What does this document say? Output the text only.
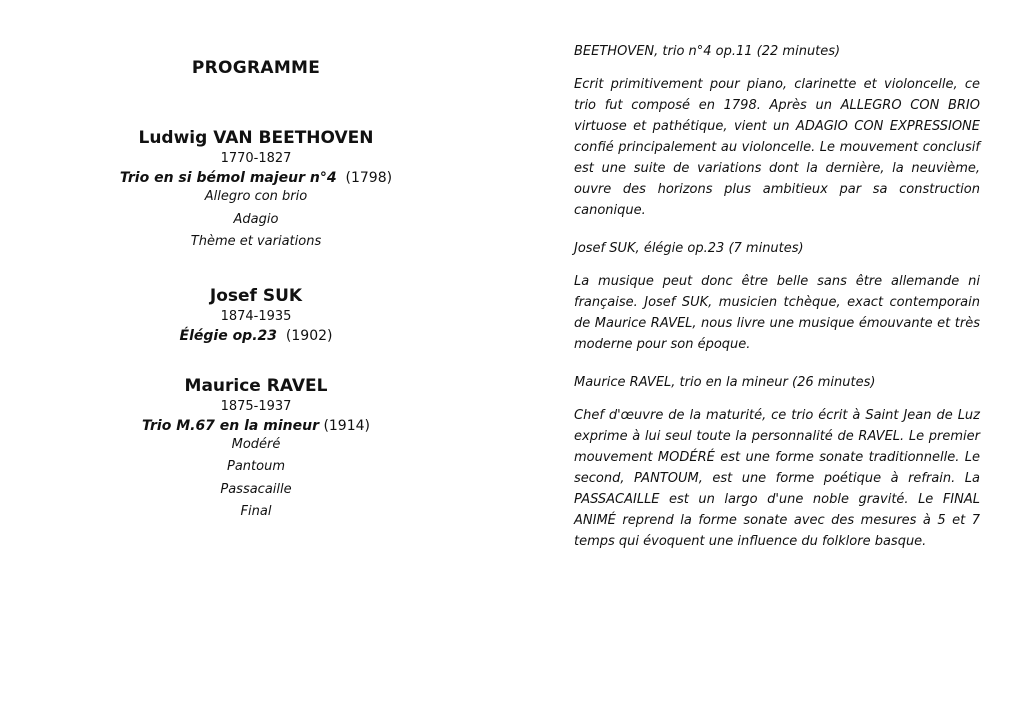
PROGRAMME
Ludwig VAN BEETHOVEN
1770-1827
Trio en si bémol majeur n°4 (1798)
Allegro con brio
Adagio
Thème et variations
Josef SUK
1874-1935
Élégie op.23 (1902)
Maurice RAVEL
1875-1937
Trio M.67 en la mineur (1914)
Modéré
Pantoum
Passacaille
Final
BEETHOVEN, trio n°4 op.11 (22 minutes)
Ecrit primitivement pour piano, clarinette et violoncelle, ce trio fut composé en 1798. Après un ALLEGRO CON BRIO virtuose et pathétique, vient un ADAGIO CON EXPRESSIONE confié principalement au violoncelle. Le mouvement conclusif est une suite de variations dont la dernière, la neuvième, ouvre des horizons plus ambitieux par sa construction canonique.
Josef SUK, élégie op.23 (7 minutes)
La musique peut donc être belle sans être allemande ni française. Josef SUK, musicien tchèque, exact contemporain de Maurice RAVEL, nous livre une musique émouvante et très moderne pour son époque.
Maurice RAVEL, trio en la mineur (26 minutes)
Chef d'œuvre de la maturité, ce trio écrit à Saint Jean de Luz exprime à lui seul toute la personnalité de RAVEL. Le premier mouvement MODÉRÉ est une forme sonate traditionnelle. Le second, PANTOUM, est une forme poétique à refrain. La PASSACAILLE est un largo d'une noble gravité. Le FINAL ANIMÉ reprend la forme sonate avec des mesures à 5 et 7 temps qui évoquent une influence du folklore basque.
